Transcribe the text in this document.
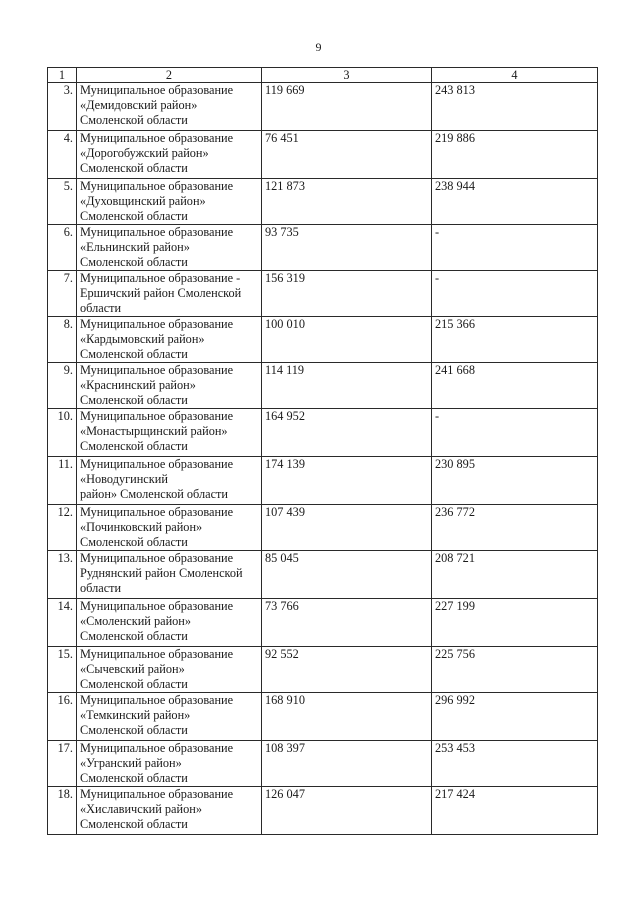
9
1	2	3	4
3.	Муниципальное образование
«Демидовский район»
Смоленской области	119 669	243 813
4.	Муниципальное образование
«Дорогобужский район»
Смоленской области	76 451	219 886
5.	Муниципальное образование
«Духовщинский район»
Смоленской области	121 873	238 944
6.	Муниципальное образование
«Ельнинский район»
Смоленской области	93 735	-
7.	Муниципальное образование -
Ершичский район Смоленской
области	156 319	-
8.	Муниципальное образование
«Кардымовский район»
Смоленской области	100 010	215 366
9.	Муниципальное образование
«Краснинский район»
Смоленской области	114 119	241 668
10.	Муниципальное образование
«Монастырщинский район»
Смоленской области	164 952	-
11.	Муниципальное образование
«Новодугинский
район» Смоленской области	174 139	230 895
12.	Муниципальное образование
«Починковский район»
Смоленской области	107 439	236 772
13.	Муниципальное образование
Руднянский район Смоленской
области	85 045	208 721
14.	Муниципальное образование
«Смоленский район»
Смоленской области	73 766	227 199
15.	Муниципальное образование
«Сычевский район»
Смоленской области	92 552	225 756
16.	Муниципальное образование
«Темкинский район»
Смоленской области	168 910	296 992
17.	Муниципальное образование
«Угранский район»
Смоленской области	108 397	253 453
18.	Муниципальное образование
«Хиславичский район»
Смоленской области	126 047	217 424
